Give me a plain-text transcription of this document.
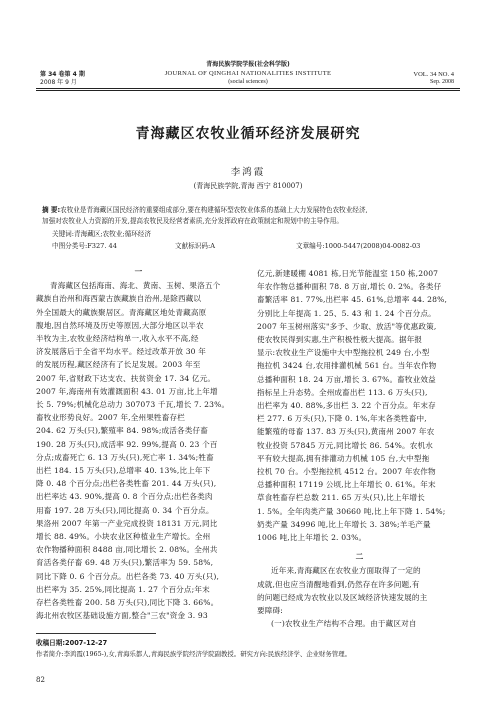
青海民族学院学报(社会科学版)
第 34 卷第 4 期
2008 年 9 月
JOURNAL OF QINGHAI NATIONALITIES INSTITUTE
(social sciences)
VOL. 34 NO. 4
Sep. 2008
青海藏区农牧业循环经济发展研究
李鸿霞
(青海民族学院,青海 西宁 810007)
摘 要:农牧业是青海藏区国民经济的重要组成部分,要在构建循环型农牧业体系的基础上大力发展特色农牧业经济,
加强对农牧业人力资源的开发,提高农牧民及经营者素质,充分发挥政府在政策制定和规划中的主导作用。
关键词:青海藏区;农牧业;循环经济
中图分类号:F327. 44	文献标识码:A	文章编号:1000-5447(2008)04-0082-03
一

青海藏区包括海南、海北、黄南、玉树、果洛五个

藏族自治州和海西蒙古族藏族自治州,是除西藏以

外全国最大的藏族聚居区。青海藏区地处青藏高原

腹地,因自然环境及历史等原因,大部分地区以半农

半牧为主,农牧业经济结构单一,收入水平不高,经

济发展落后于全省平均水平。经过改革开放 30 年

的发展历程,藏区经济有了长足发展。2003 年至

2007 年,省财政下达支农、扶贫资金 17. 34 亿元。

2007 年,海南州有效灌溉面积 43. 01 万亩,比上年增

长 5. 79%;机械化总动力 307073 千瓦,增长 7. 23%。

畜牧业形势良好。2007 年,全州果牲畜存栏

204. 62 万头(只),繁殖率 84. 98%;成活各类仔畜

190. 28 万头(只),成活率 92. 99%,提高 0. 23 个百

分点;成畜死亡 6. 13 万头(只),死亡率 1. 34%;牲畜

出栏 184. 15 万头(只),总增率 40. 13%,比上年下

降 0. 48 个百分点;出栏各类牲畜 201. 44 万头(只),

出栏率达 43. 90%,提高 0. 8 个百分点;出栏各类肉

用畜 197. 28 万头(只),同比提高 0. 34 个百分点。

果洛州 2007 年第一产业完成投资 18131 万元,同比

增长 88. 49%。小块农业区种植业生产增长。全州

农作物播种面积 8488 亩,同比增长 2. 08%。全州共

育活各类仔畜 69. 48 万头(只),繁活率为 59. 58%,

同比下降 0. 6 个百分点。出栏各类 73. 40 万头(只),

出栏率为 35. 25%,同比提高 1. 27 个百分点;年末

存栏各类牲畜 200. 58 万头(只),同比下降 3. 66%。

海北州农牧区基础设施方面,整合"三农"资金 3. 93

亿元,新建暖棚 4081 栋,日光节能温室 150 栋,2007

年农作物总播种面积 78. 8 万亩,增长 0. 2%。各类仔

畜繁活率 81. 77%,出栏率 45. 61%,总增率 44. 28%,

分别比上年提高 1. 25、5. 43 和 1. 24 个百分点。

2007 年玉树州落实"多予、少取、放活"等优惠政策,

使农牧民得到实惠,生产积极性极大提高。据年报

显示:农牧业生产设施中大中型拖拉机 249 台,小型

拖拉机 3424 台,农用排灌机械 561 台。当年农作物

总播种面积 18. 24 万亩,增长 3. 67%。畜牧业效益

指标呈上升态势。全州成畜出栏 113. 6 万头(只),

出栏率为 40. 88%,多出栏 3. 22 个百分点。年末存

栏 277. 6 万头(只),下降 0. 1%,年末各类牲畜中,

能繁殖的母畜 137. 83 万头(只),黄南州 2007 年农

牧业投资 57845 万元,同比增长 86. 54%。农机水

平有较大提高,拥有排灌动力机械 105 台,大中型拖

拉机 70 台。小型拖拉机 4512 台。2007 年农作物

总播种面积 17119 公顷,比上年增长 0. 61%。年末

草食牲畜存栏总数 211. 65 万头(只),比上年增长

1. 5%。全年肉类产量 30660 吨,比上年下降 1. 54%;

奶类产量 34996 吨,比上年增长 3. 38%;羊毛产量

1006 吨,比上年增长 2. 03%。

二

近年来,青海藏区在农牧业方面取得了一定的

成就,但也应当清醒地看到,仍然存在许多问题,有

的问题已经成为农牧业以及区域经济快速发展的主

要障碍:

(一)农牧业生产结构不合理。由于藏区对自

收稿日期:2007-12-27
作者简介:李鸿霞(1965-),女,青海乐都人,青海民族学院经济学院副教授。研究方向:民族经济学、企业财务管理。
82
